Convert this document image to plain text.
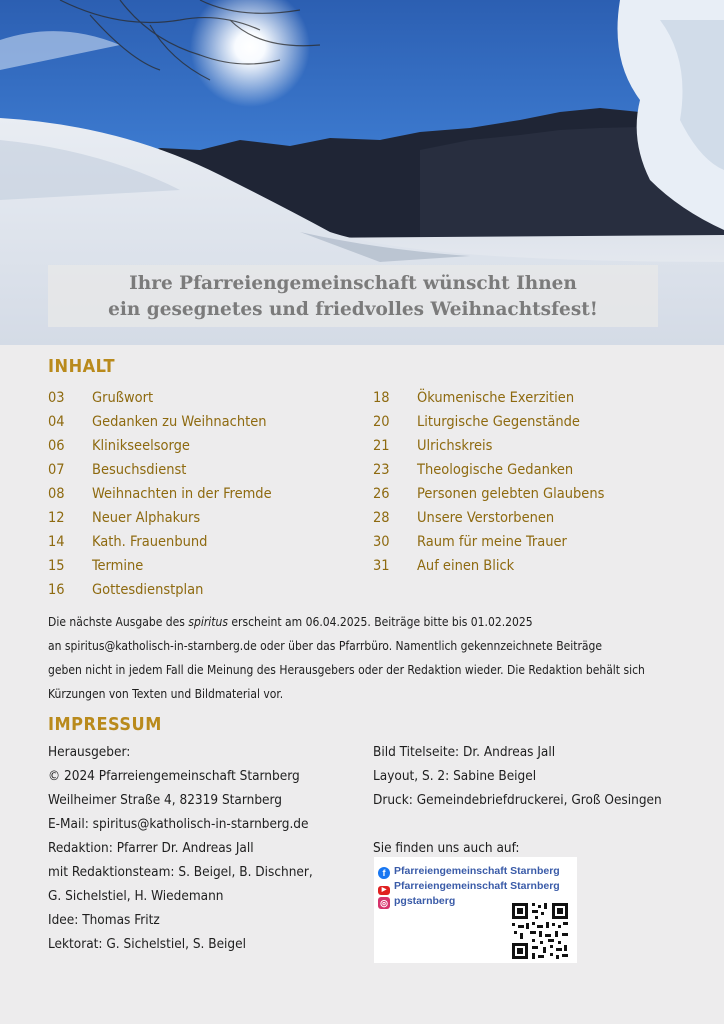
Ihre Pfarreiengemeinschaft wünscht Ihnen
ein gesegnetes und friedvolles Weihnachtsfest!
INHALT
03 Grußwort
04 Gedanken zu Weihnachten
06 Klinikseelsorge
07 Besuchsdienst
08 Weihnachten in der Fremde
12 Neuer Alphakurs
14 Kath. Frauenbund
15 Termine
16 Gottesdienstplan
18 Ökumenische Exerzitien
20 Liturgische Gegenstände
21 Ulrichskreis
23 Theologische Gedanken
26 Personen gelebten Glaubens
28 Unsere Verstorbenen
30 Raum für meine Trauer
31 Auf einen Blick

Die nächste Ausgabe des spiritus erscheint am 06.04.2025. Beiträge bitte bis 01.02.2025

an spiritus@katholisch-in-starnberg.de oder über das Pfarrbüro. Namentlich gekennzeichnete Beiträge

geben nicht in jedem Fall die Meinung des Herausgebers oder der Redaktion wieder. Die Redaktion behält sich

Kürzungen von Texten und Bildmaterial vor.

IMPRESSUM
Herausgeber:
© 2024 Pfarreiengemeinschaft Starnberg
Weilheimer Straße 4, 82319 Starnberg
E-Mail: spiritus@katholisch-in-starnberg.de
Redaktion: Pfarrer Dr. Andreas Jall
mit Redaktionsteam: S. Beigel, B. Dischner,
G. Sichelstiel, H. Wiedemann
Idee: Thomas Fritz
Lektorat: G. Sichelstiel, S. Beigel
Bild Titelseite: Dr. Andreas Jall
Layout, S. 2: Sabine Beigel
Druck: Gemeindebriefdruckerei, Groß Oesingen
Sie finden uns auch auf:
f Pfarreiengemeinschaft Starnberg
▶ Pfarreiengemeinschaft Starnberg
◎ pgstarnberg
